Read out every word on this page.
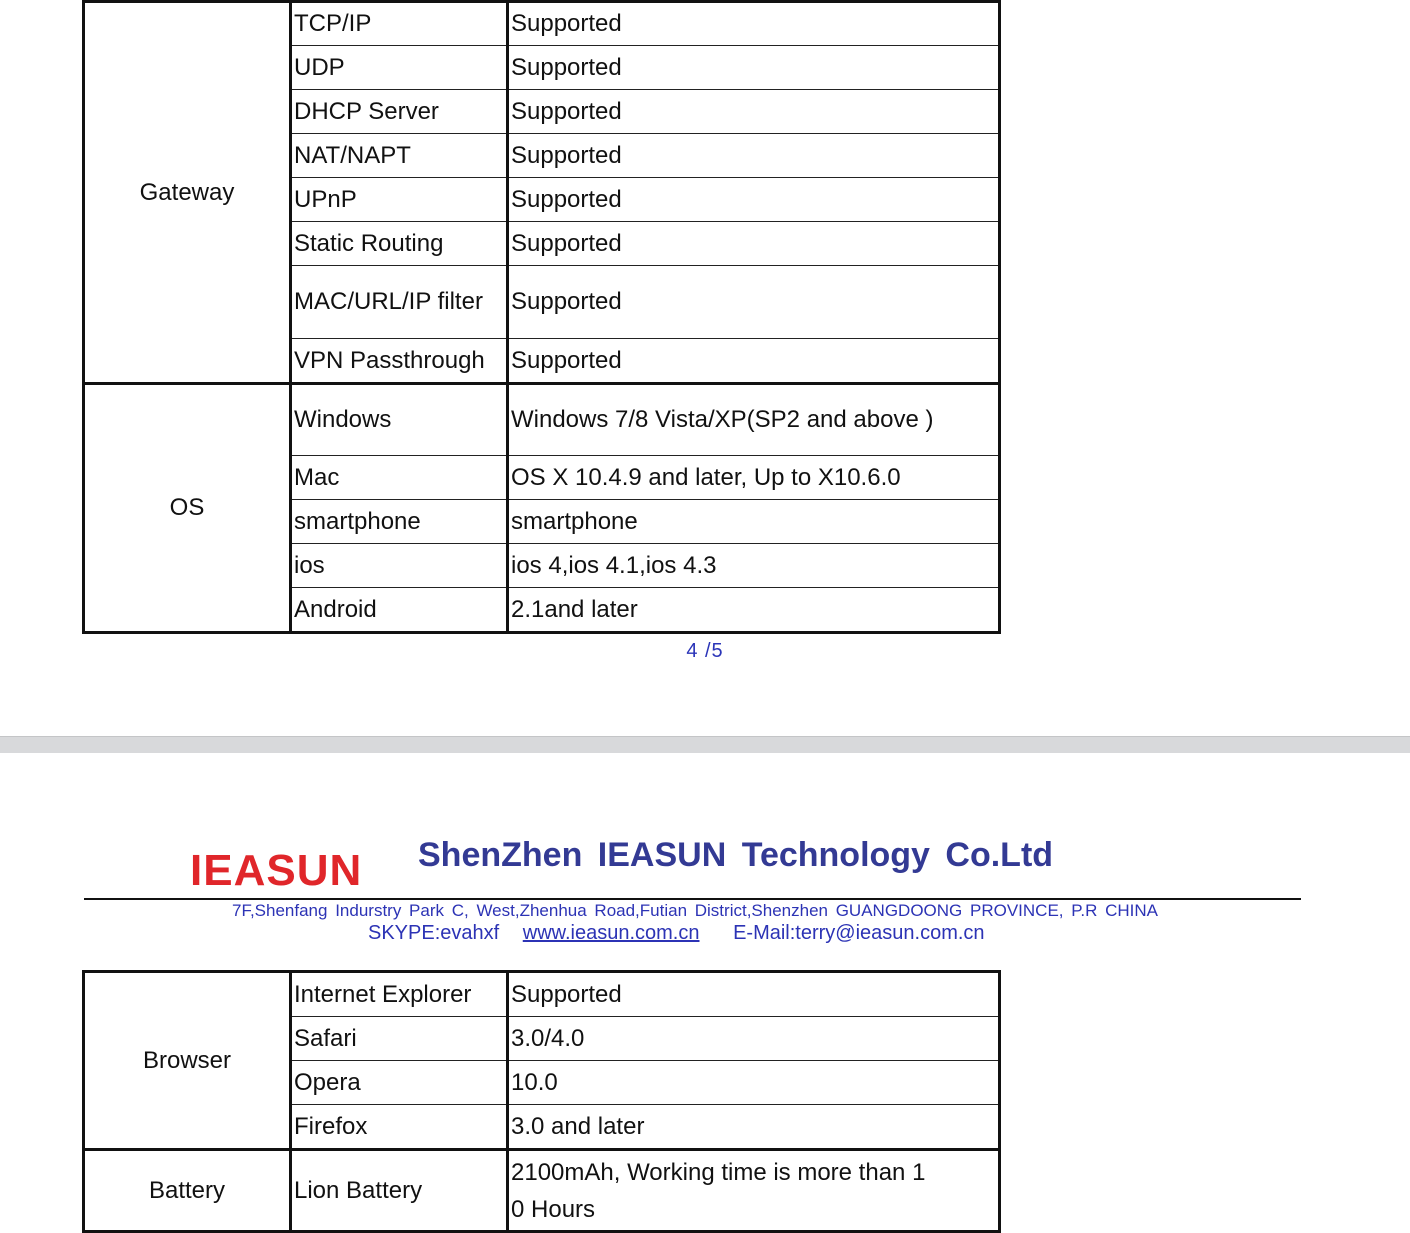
Gateway	TCP/IP	Supported
	UDP	Supported
	DHCP Server	Supported
	NAT/NAPT	Supported
	UPnP	Supported
	Static Routing	Supported
	MAC/URL/IP filter	Supported
	VPN Passthrough	Supported
OS	Windows	Windows 7/8 Vista/XP(SP2 and above )
	Mac	OS X 10.4.9 and later, Up to X10.6.0
	smartphone	smartphone
	ios	ios 4,ios 4.1,ios 4.3
	Android	2.1and later
4 /5
IEASUN ShenZhen IEASUN Technology Co.Ltd
7F,Shenfang Indurstry Park C, West,Zhenhua Road,Futian District,Shenzhen GUANGDOONG PROVINCE, P.R CHINA
SKYPE:evahxf www.ieasun.com.cn E-Mail:terry@ieasun.com.cn
Browser	Internet Explorer	Supported
	Safari	3.0/4.0
	Opera	10.0
	Firefox	3.0 and later
Battery	Lion Battery	2100mAh, Working time is more than 1
0 Hours
